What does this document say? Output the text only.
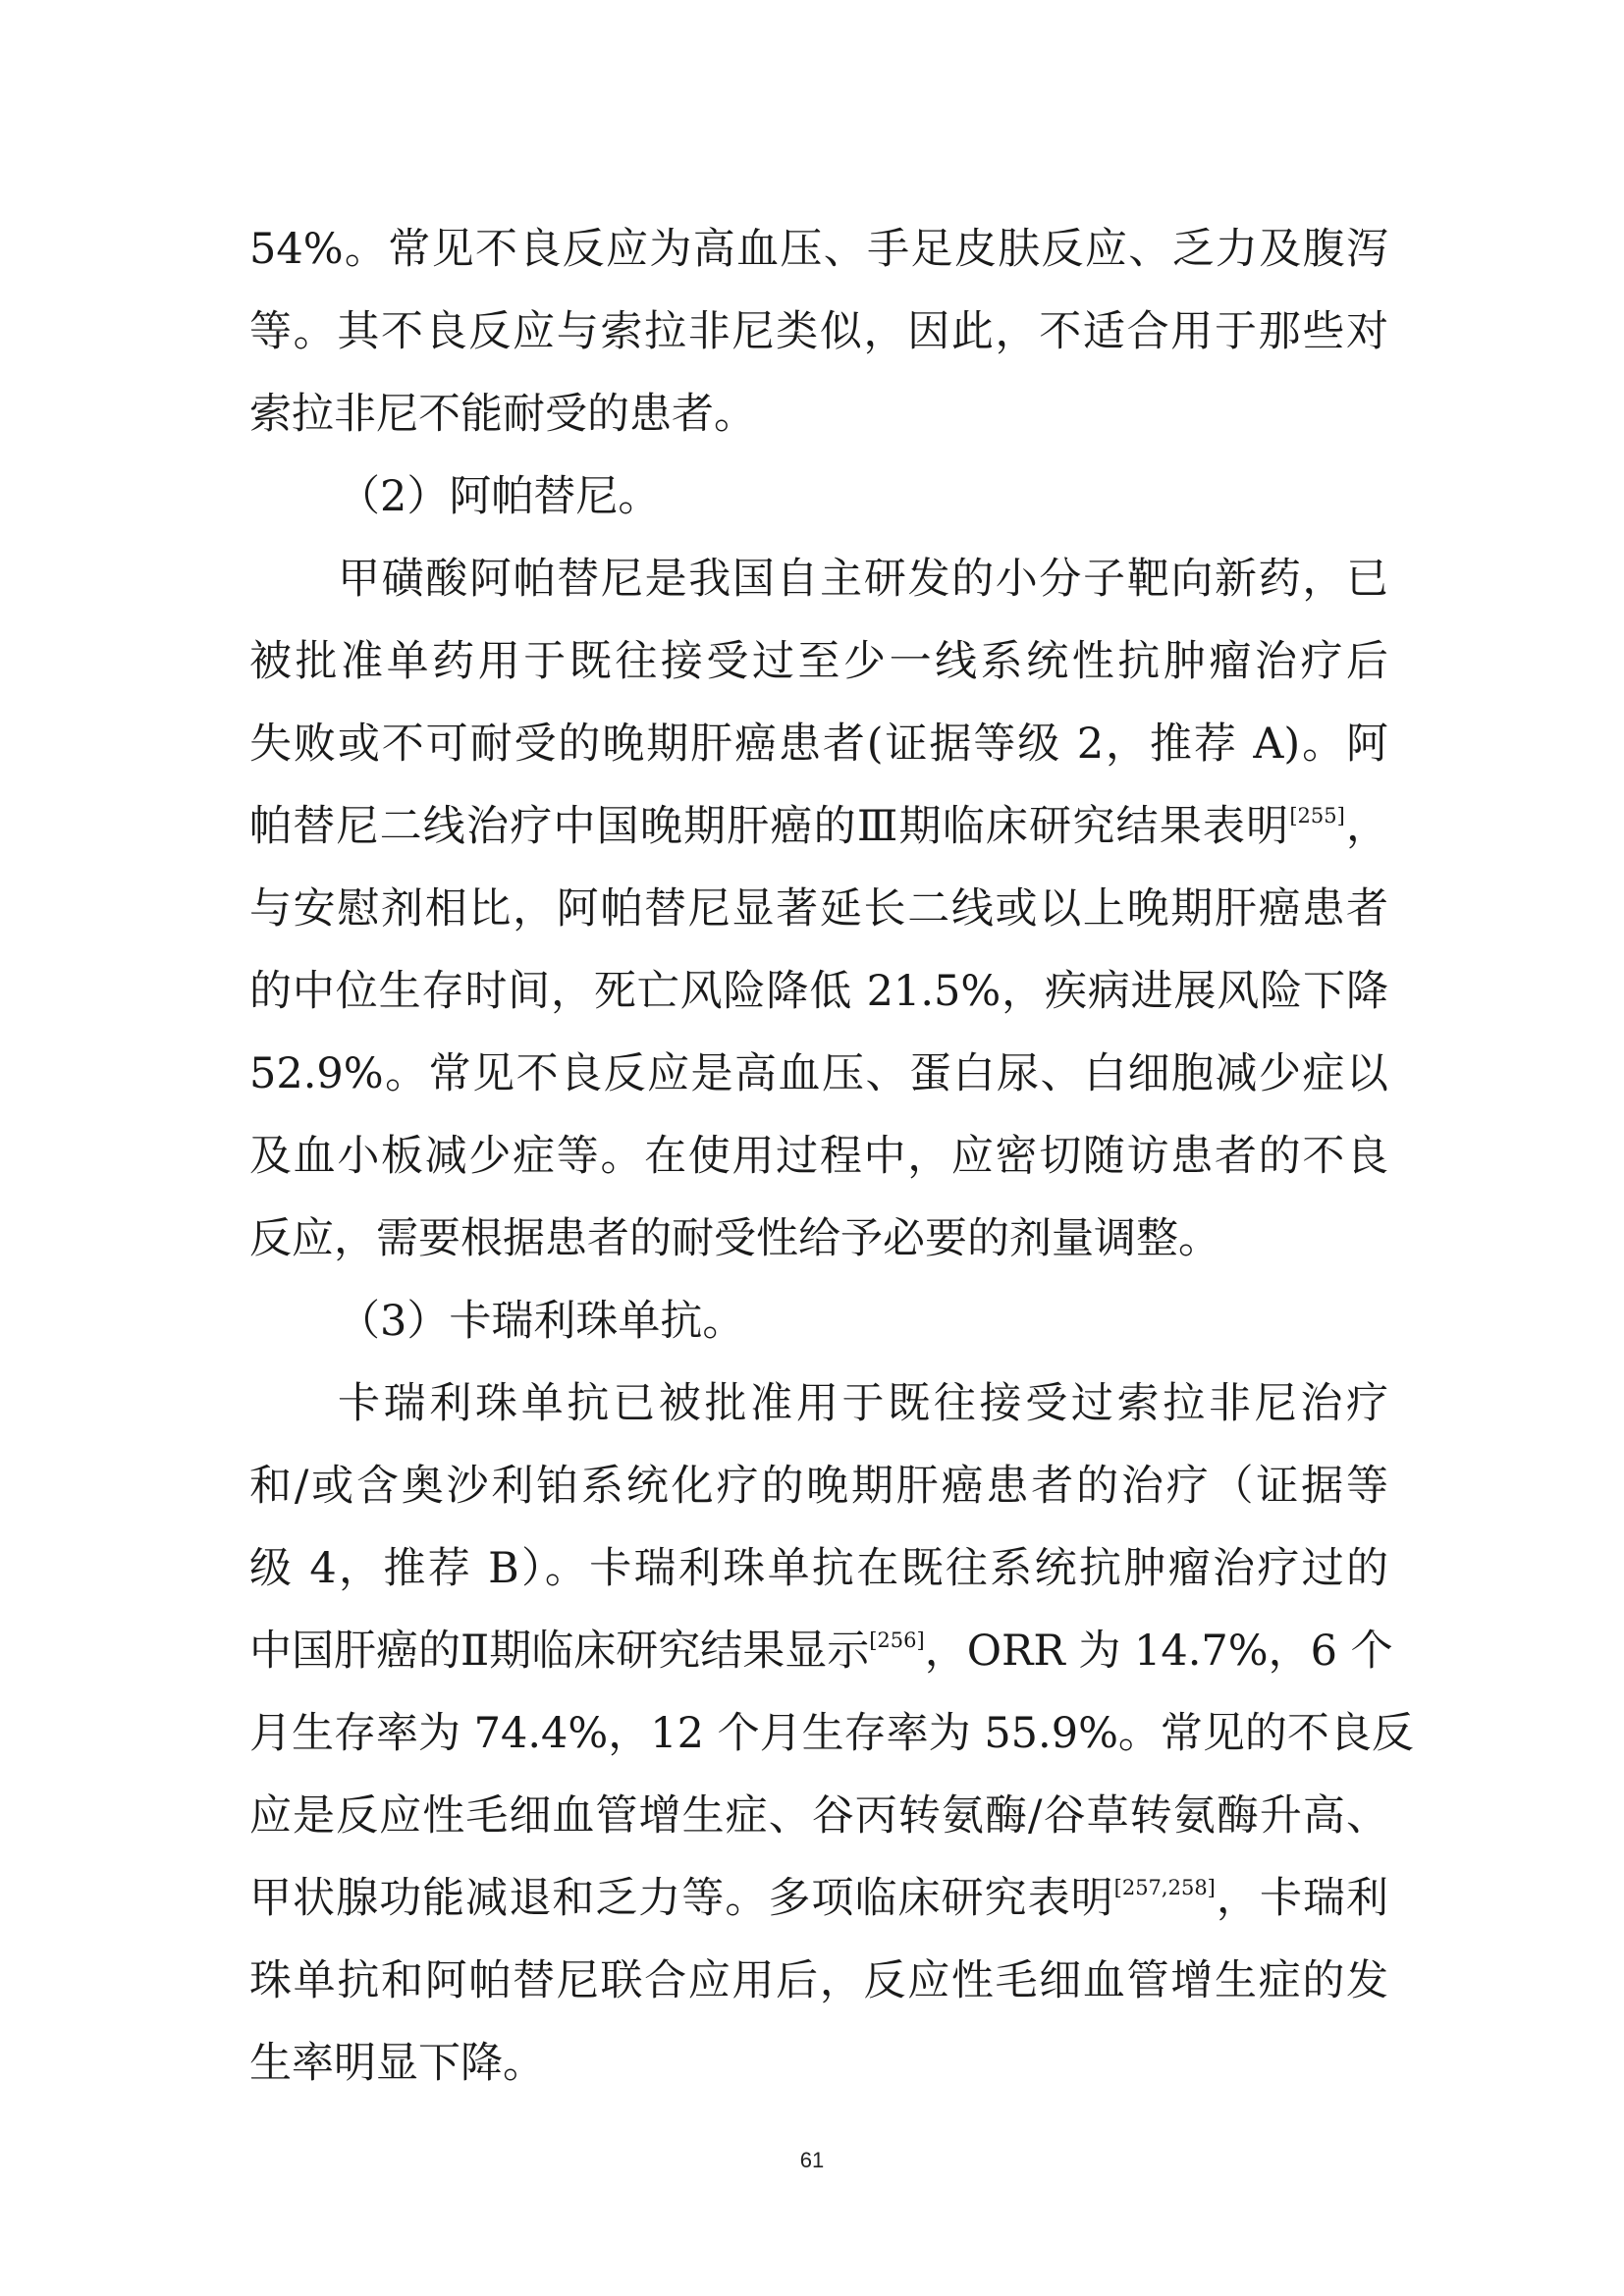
54%。常见不良反应为高血压、手足皮肤反应、乏力及腹泻
等。其不良反应与索拉非尼类似，因此，不适合用于那些对
索拉非尼不能耐受的患者。
（2）阿帕替尼。
甲磺酸阿帕替尼是我国自主研发的小分子靶向新药，已
被批准单药用于既往接受过至少一线系统性抗肿瘤治疗后
失败或不可耐受的晚期肝癌患者(证据等级 2，推荐 A)。阿
帕替尼二线治疗中国晚期肝癌的Ⅲ期临床研究结果表明[255]，
与安慰剂相比，阿帕替尼显著延长二线或以上晚期肝癌患者
的中位生存时间，死亡风险降低 21.5%，疾病进展风险下降
52.9%。常见不良反应是高血压、蛋白尿、白细胞减少症以
及血小板减少症等。在使用过程中，应密切随访患者的不良
反应，需要根据患者的耐受性给予必要的剂量调整。
（3）卡瑞利珠单抗。
卡瑞利珠单抗已被批准用于既往接受过索拉非尼治疗
和/或含奥沙利铂系统化疗的晚期肝癌患者的治疗（证据等
级 4，推荐 B）。卡瑞利珠单抗在既往系统抗肿瘤治疗过的
中国肝癌的Ⅱ期临床研究结果显示[256]，ORR 为 14.7%，6 个
月生存率为 74.4%，12 个月生存率为 55.9%。常见的不良反
应是反应性毛细血管增生症、谷丙转氨酶/谷草转氨酶升高、
甲状腺功能减退和乏力等。多项临床研究表明[257,258]，卡瑞利
珠单抗和阿帕替尼联合应用后，反应性毛细血管增生症的发
生率明显下降。
61
